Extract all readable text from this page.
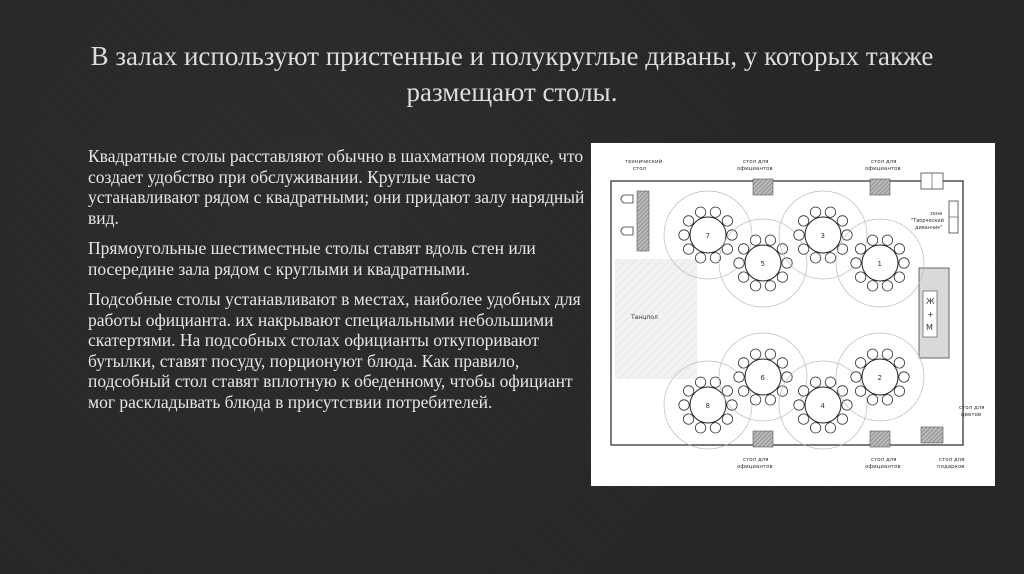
В залах используют пристенные и полукруглые диваны, у которых также размещают столы.

Квадратные столы расставляют обычно в шахматном порядке, что создает удобство при обслуживании. Круглые часто устанавливают рядом с квадратными; они придают залу нарядный вид.

Прямоугольные шестиместные столы ставят вдоль стен или посередине зала рядом с круглыми и квадратными.

Подсобные столы устанавливают в местах, наиболее удобных для работы официанта. их накрывают специальными небольшими скатертями. На подсобных столах официанты откупоривают бутылки, ставят посуду, порционуют блюда. Как правило, подсобный стол ставят вплотную к обеденному, чтобы официант мог раскладывать блюда в присутствии потребителей.

Танцпол
технический
стол
стол для
официантов
стол для
официантов
стол для
официантов
стол для
официантов
зона
"Творческий
диванчик"
Ж
+
М
стол для
цветов
стол для
подарков
7
5
3
1
8
6
4
2
